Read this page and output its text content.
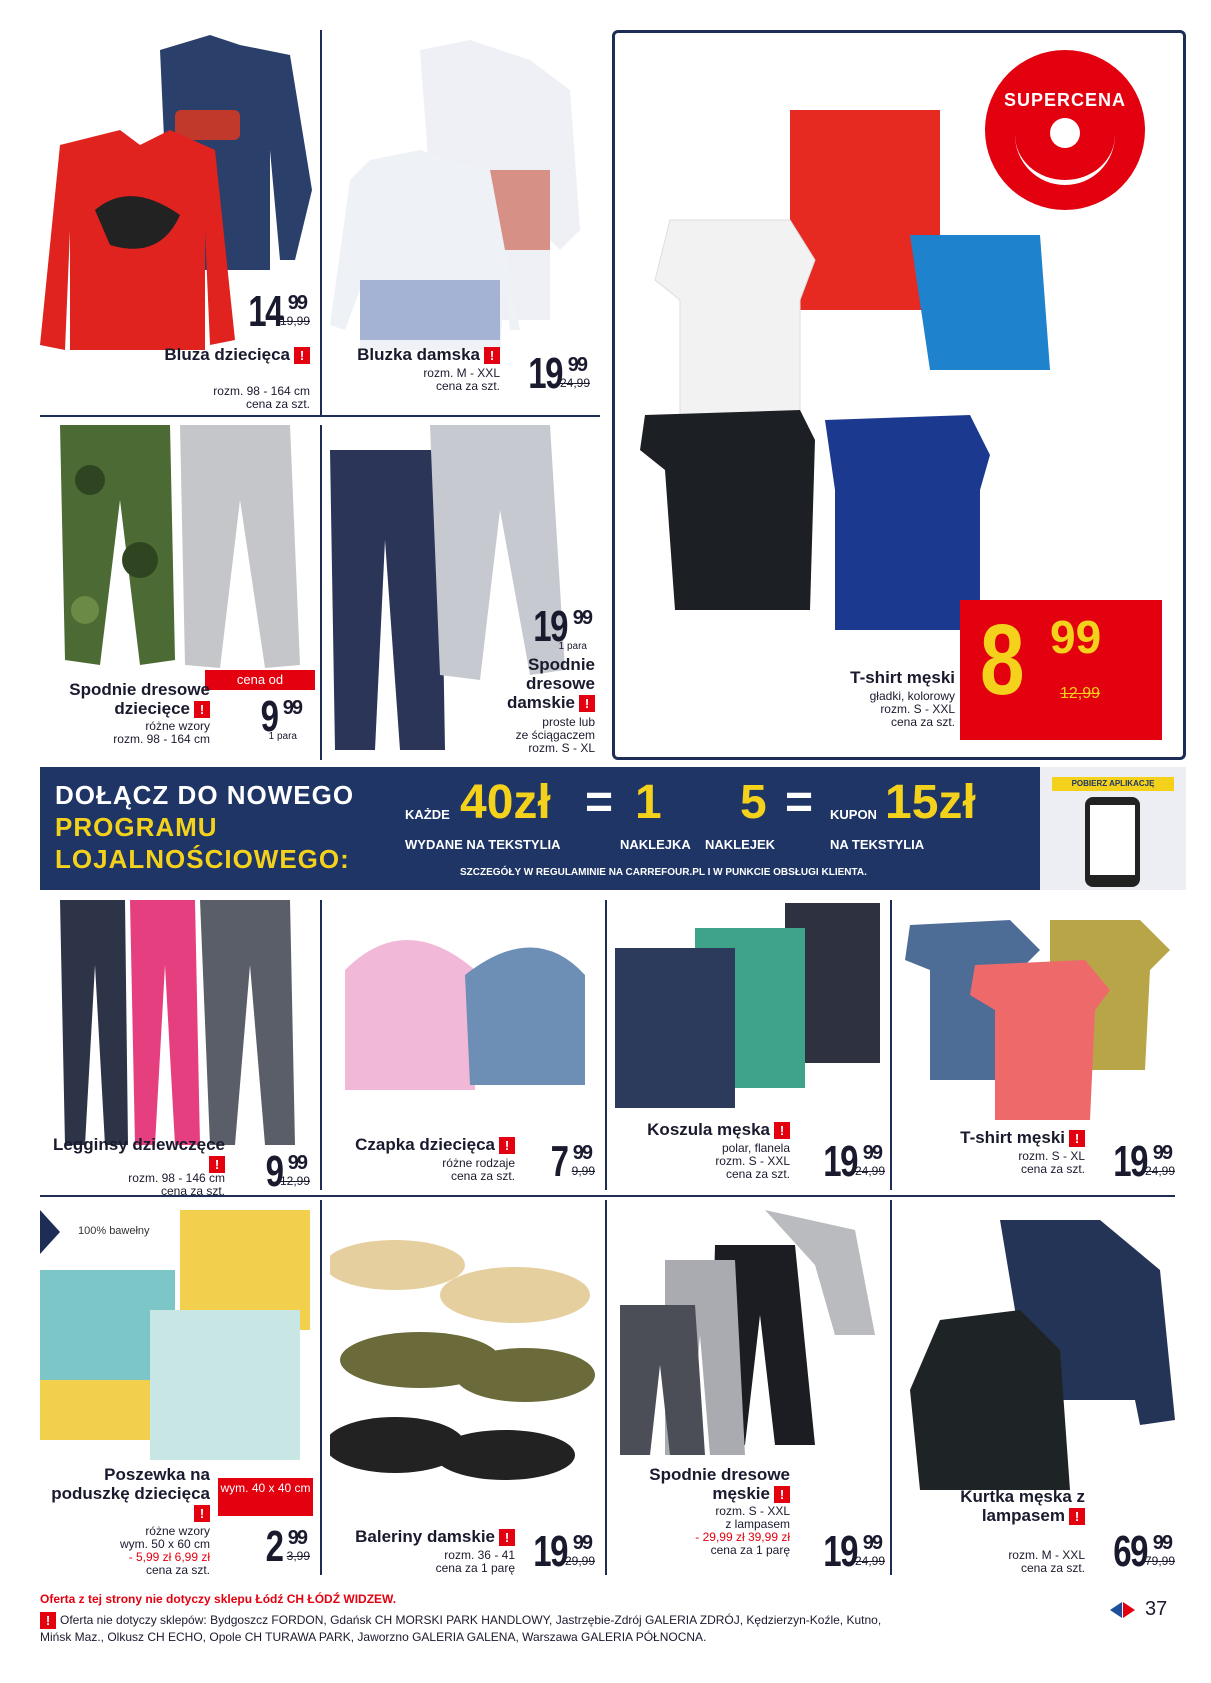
Bluza dziecięca !
rozm. 98 - 164 cm
cena za szt.
14 99
19,99
Bluzka damska !
rozm. M - XXL
cena za szt. 19 99
24,99
cena od
Spodnie dresowe dziecięce !
różne wzory
rozm. 98 - 164 cm 9 99
1 para
19 99
1 para
Spodnie dresowe damskie !
proste lub
ze ściągaczem
rozm. S - XL
SUPERCENA
8 99
12,99
T-shirt męski
gładki, kolorowy
rozm. S - XXL
cena za szt.
DOŁĄCZ DO NOWEGO
PROGRAMU
LOJALNOŚCIOWEGO:
KAŻDE 40zł = 1
WYDANE NA TEKSTYLIA	NAKLEJKA
5 =
NAKLEJEK
KUPON 15zł
NA TEKSTYLIA
SZCZEGÓŁY W REGULAMINIE NA CARREFOUR.PL I W PUNKCIE OBSŁUGI KLIENTA.
POBIERZ APLIKACJĘ
Legginsy dziewczęce!
rozm. 98 - 146 cm
cena za szt. 9 99
12,99
Czapka dziecięca !
różne rodzaje
cena za szt. 7 99
9,99
Koszula męska !
polar, flanela
rozm. S - XXL
cena za szt. 19 99
24,99
T-shirt męski !
rozm. S - XL
cena za szt. 19 99
24,99
100% bawełny
Poszewka na poduszkę dziecięca!
wym. 40 x 40 cm
różne wzory
wym. 50 x 60 cm
- 5,99 zł 6,99 zł
cena za szt. 2 99
3,99
Baleriny damskie !
rozm. 36 - 41
cena za 1 parę 19 99
29,99
Spodnie dresowe męskie !
rozm. S - XXL
z lampasem
- 29,99 zł 39,99 zł
cena za 1 parę 19 99
24,99
Kurtka męska z lampasem !
rozm. M - XXL
cena za szt. 69 99
79,99
Oferta z tej strony nie dotyczy sklepu Łódź CH ŁÓDŹ WIDZEW.
! Oferta nie dotyczy sklepów: Bydgoszcz FORDON, Gdańsk CH MORSKI PARK HANDLOWY, Jastrzębie-Zdrój GALERIA ZDRÓJ, Kędzierzyn-Koźle, Kutno,
Mińsk Maz., Olkusz CH ECHO, Opole CH TURAWA PARK, Jaworzno GALERIA GALENA, Warszawa GALERIA PÓŁNOCNA.
37
